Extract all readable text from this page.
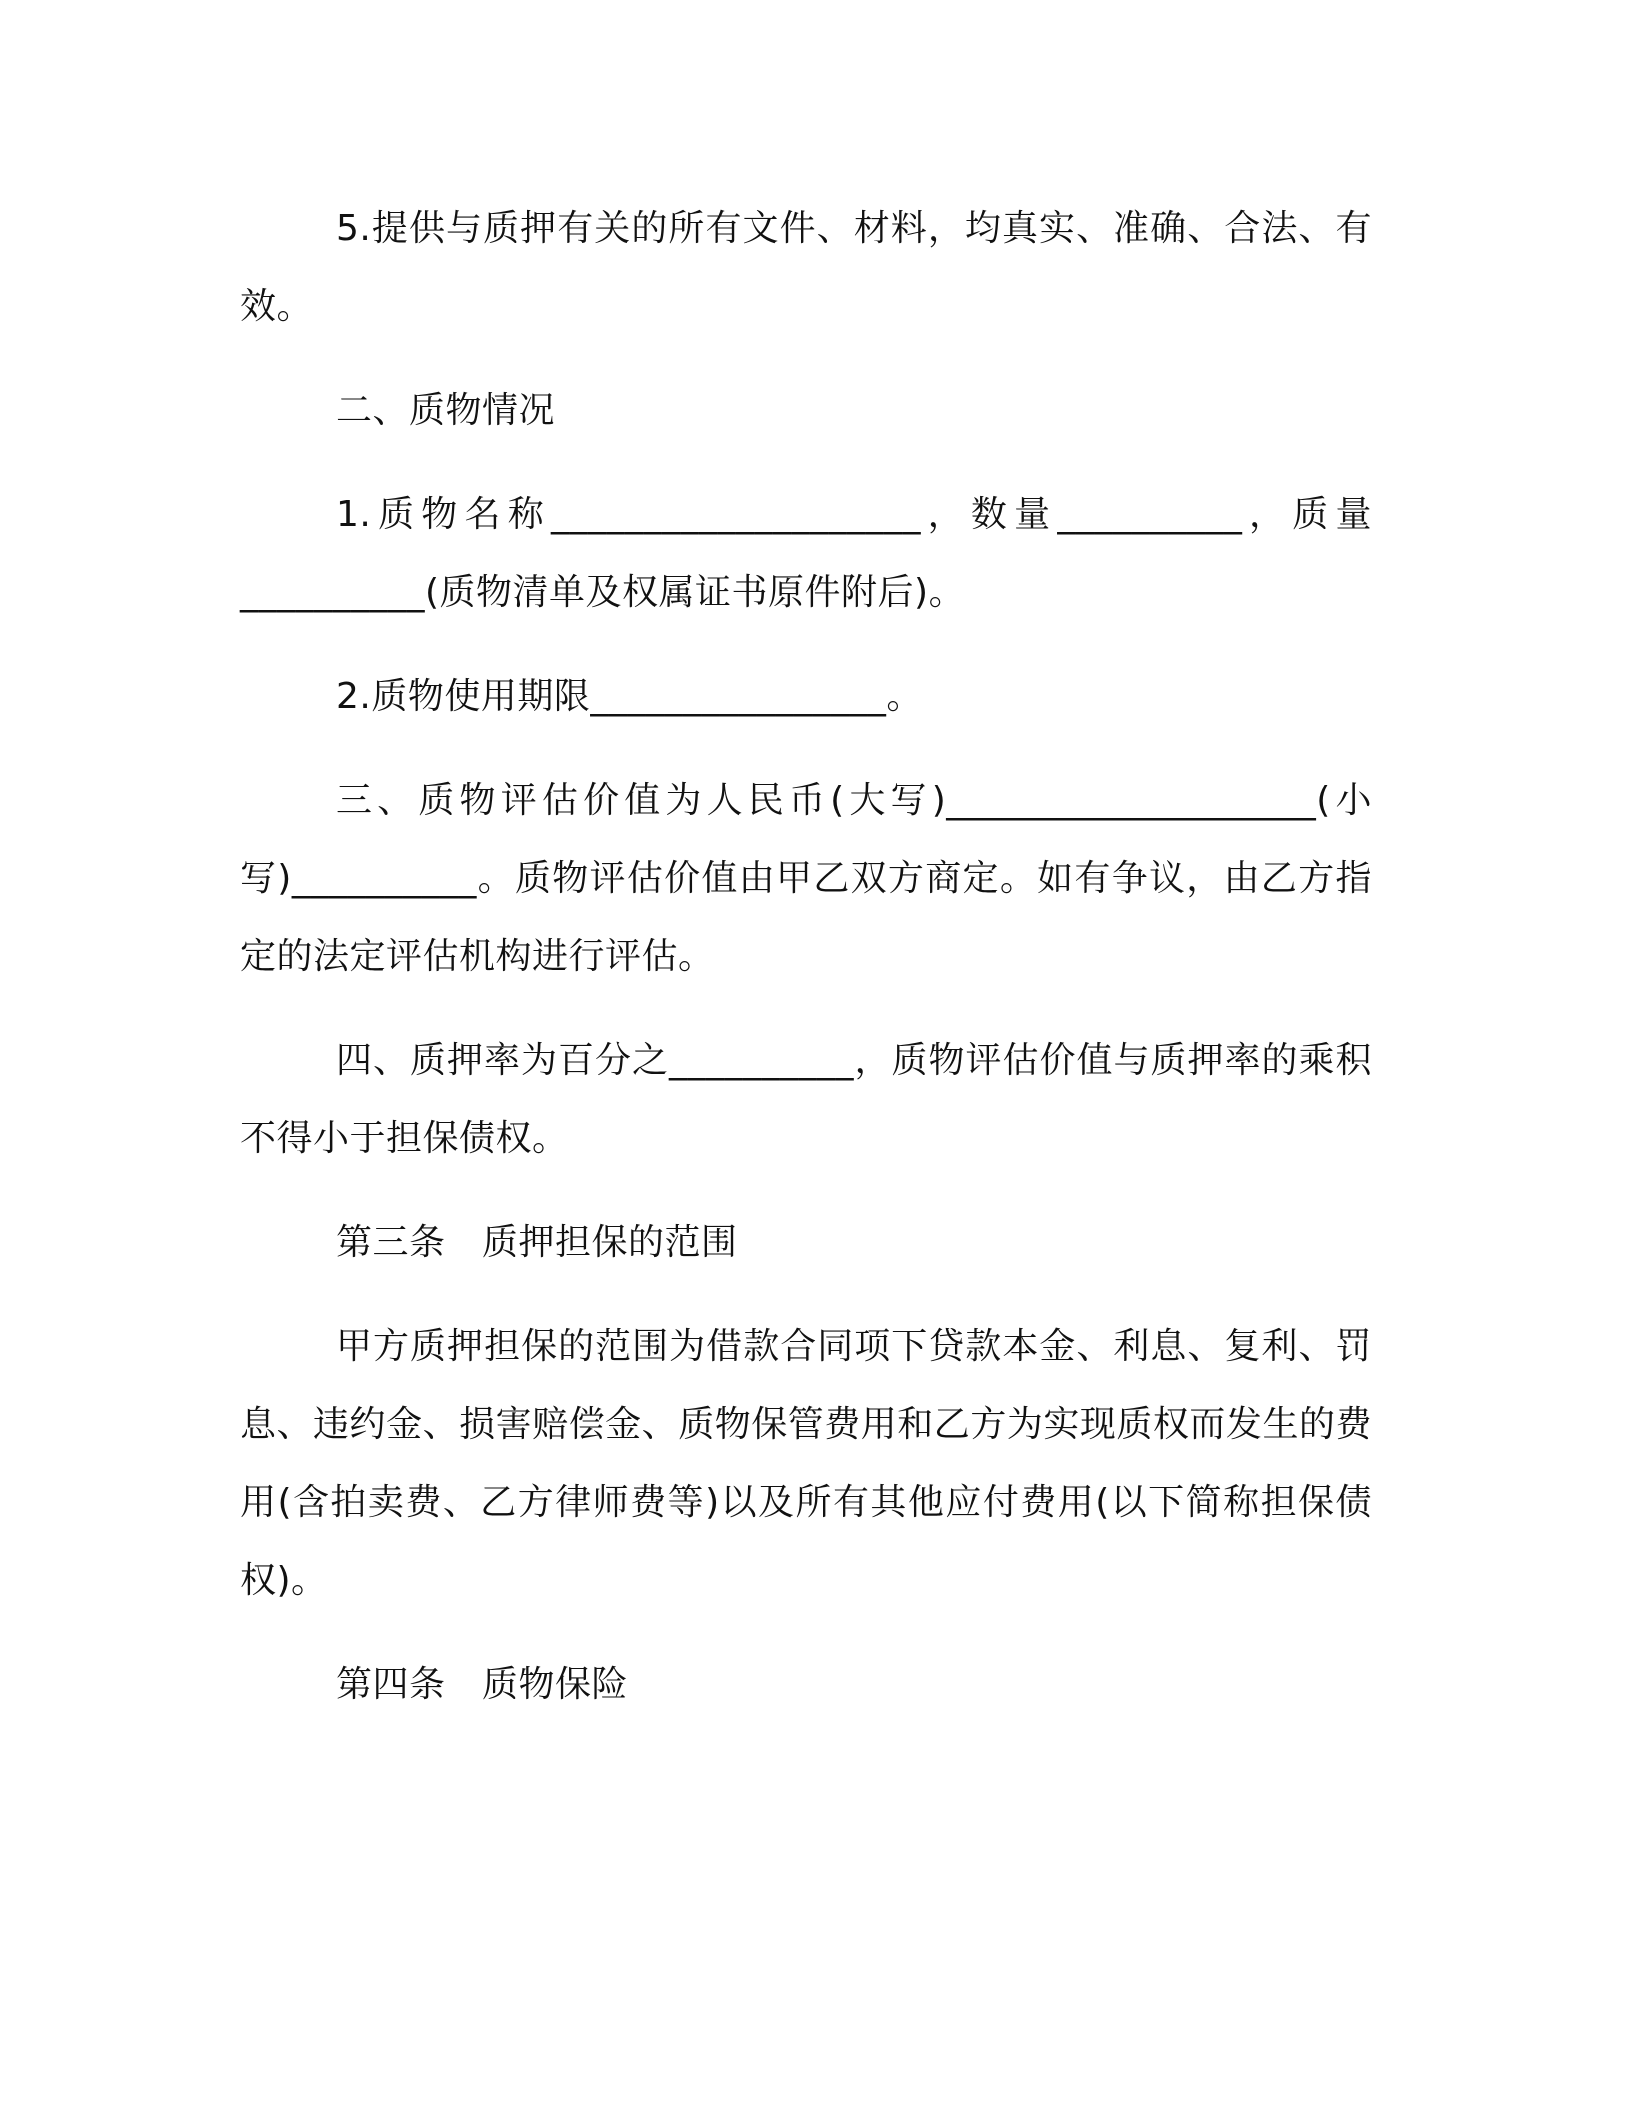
5.提供与质押有关的所有文件、材料，均真实、准确、合法、有效。

二、质物情况

1.质物名称____________________，数量__________，质量__________(质物清单及权属证书原件附后)。

2.质物使用期限________________。

三、质物评估价值为人民币(大写)____________________(小写)__________。质物评估价值由甲乙双方商定。如有争议，由乙方指定的法定评估机构进行评估。

四、质押率为百分之__________，质物评估价值与质押率的乘积不得小于担保债权。

第三条　质押担保的范围

甲方质押担保的范围为借款合同项下贷款本金、利息、复利、罚息、违约金、损害赔偿金、质物保管费用和乙方为实现质权而发生的费用(含拍卖费、乙方律师费等)以及所有其他应付费用(以下简称担保债权)。

第四条　质物保险
